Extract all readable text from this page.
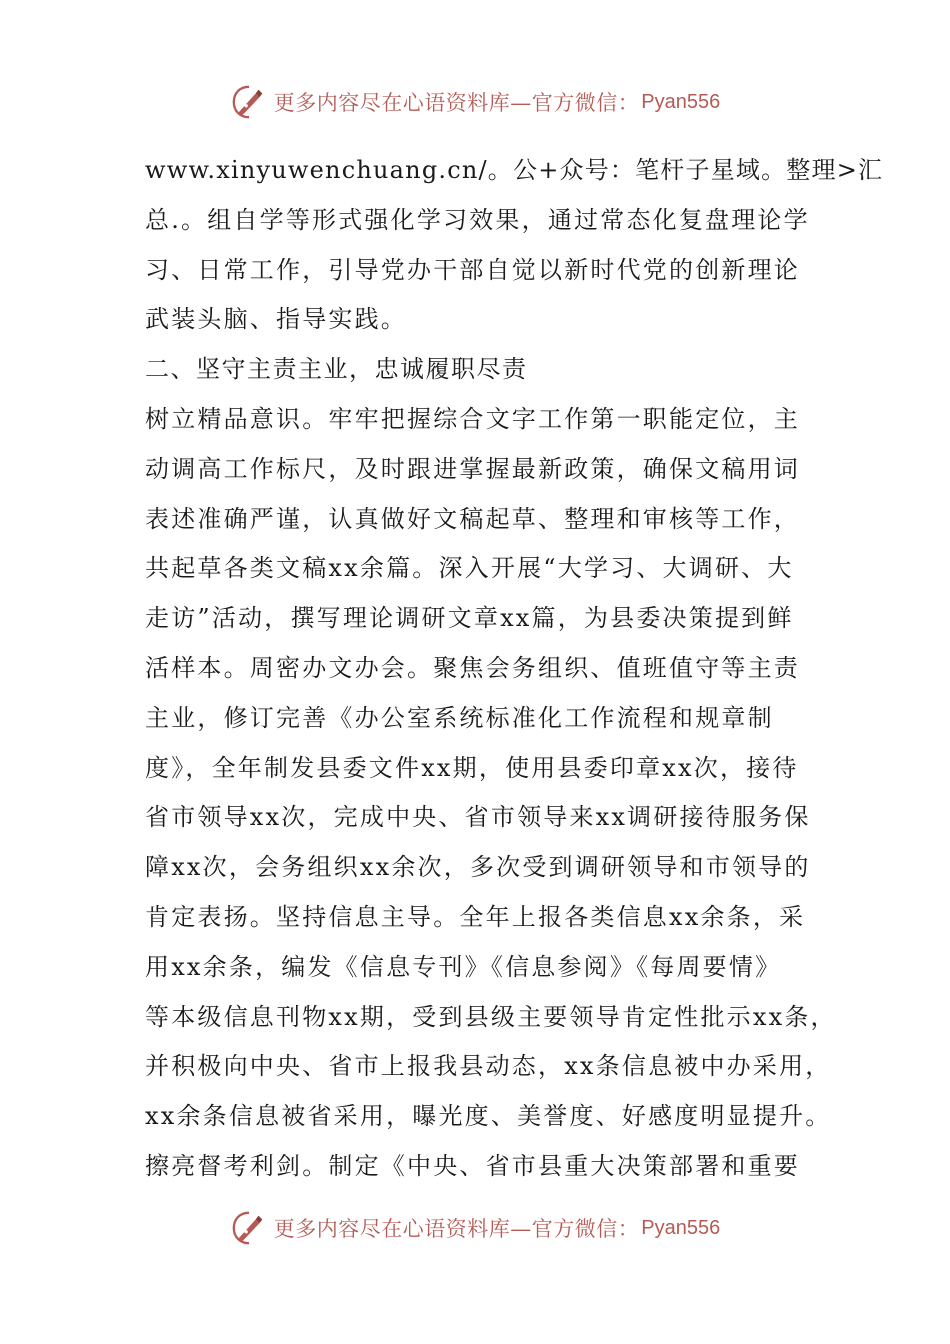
更多内容尽在心语资料库—官方微信： Pyan556
www.xinyuwenchuang.cn/。公+众号：笔杆子星域。整理>汇
总.。组自学等形式强化学习效果，通过常态化复盘理论学
习、日常工作，引导党办干部自觉以新时代党的创新理论
武装头脑、指导实践。
二、坚守主责主业，忠诚履职尽责
树立精品意识。牢牢把握综合文字工作第一职能定位，主
动调高工作标尺，及时跟进掌握最新政策，确保文稿用词
表述准确严谨，认真做好文稿起草、整理和审核等工作，
共起草各类文稿xx余篇。深入开展“大学习、大调研、大
走访”活动，撰写理论调研文章xx篇，为县委决策提到鲜
活样本。周密办文办会。聚焦会务组织、值班值守等主责
主业，修订完善《办公室系统标准化工作流程和规章制
度》，全年制发县委文件xx期，使用县委印章xx次，接待
省市领导xx次，完成中央、省市领导来xx调研接待服务保
障xx次，会务组织xx余次，多次受到调研领导和市领导的
肯定表扬。坚持信息主导。全年上报各类信息xx余条，采
用xx余条，编发《信息专刊》《信息参阅》《每周要情》
等本级信息刊物xx期，受到县级主要领导肯定性批示xx条，
并积极向中央、省市上报我县动态，xx条信息被中办采用，
xx余条信息被省采用，曝光度、美誉度、好感度明显提升。
擦亮督考利剑。制定《中央、省市县重大决策部署和重要
更多内容尽在心语资料库—官方微信： Pyan556
